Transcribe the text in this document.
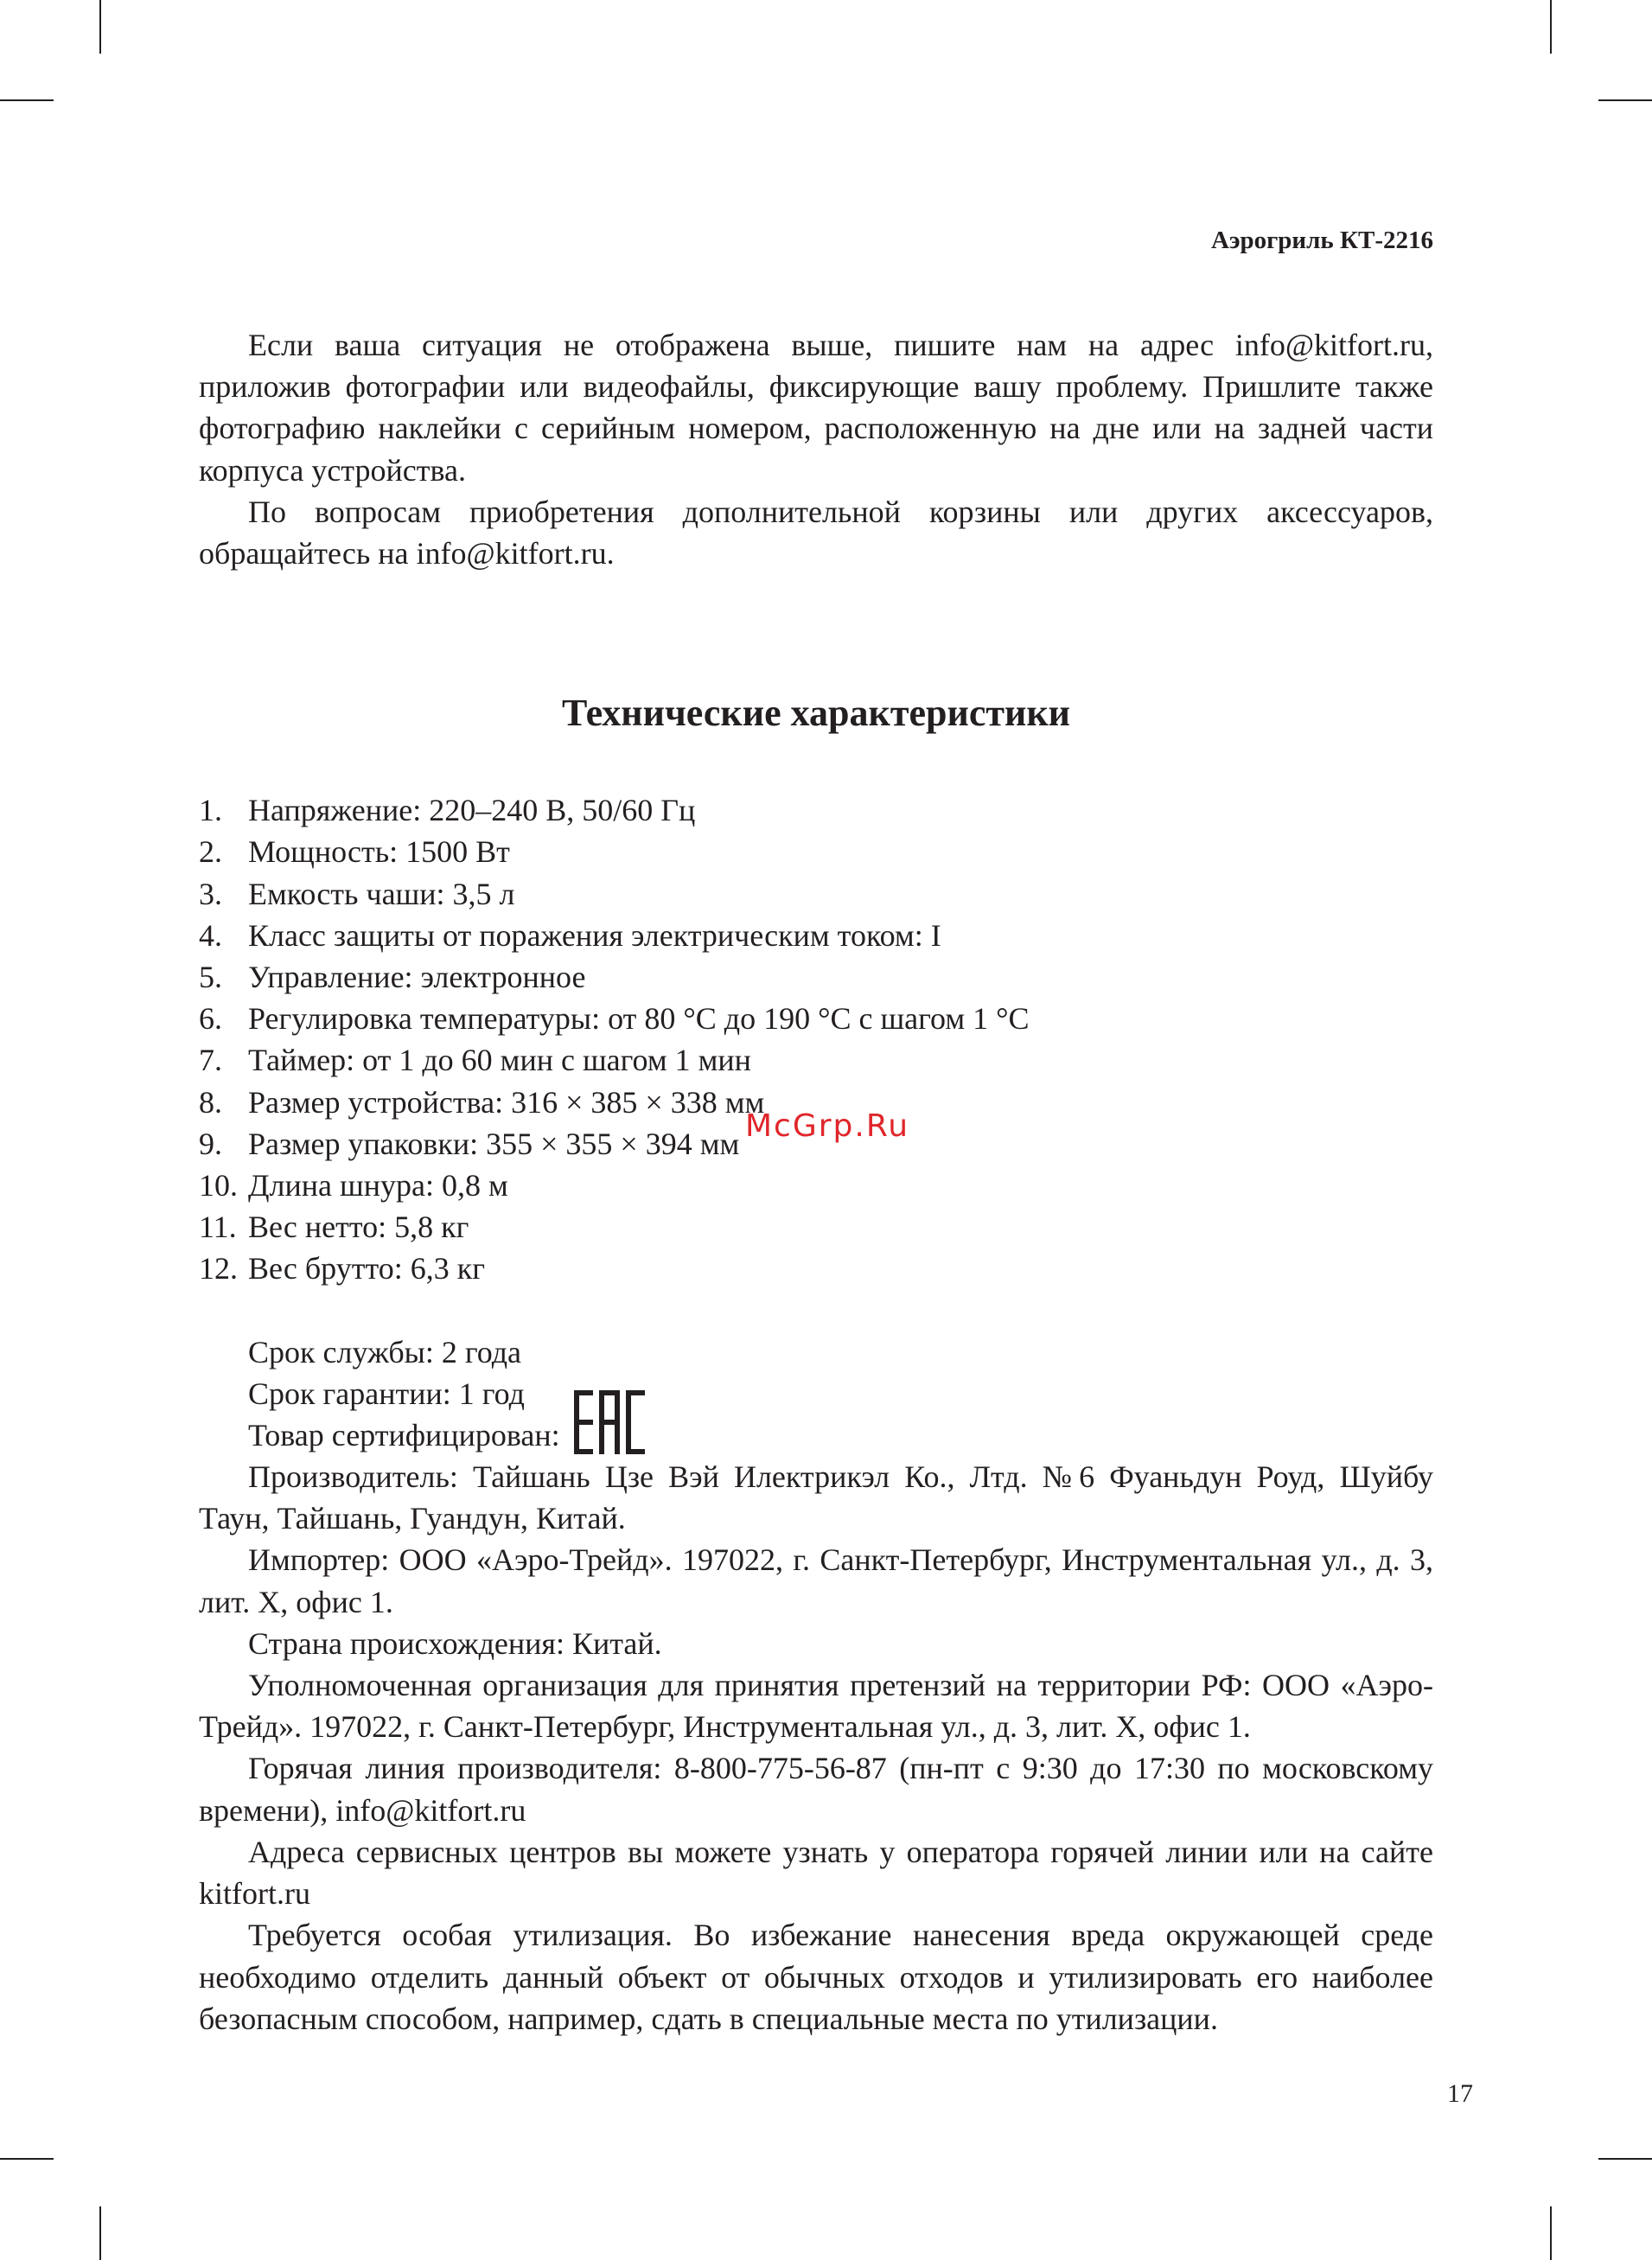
Аэрогриль КТ-2216

Если ваша ситуация не отображена выше, пишите нам на адрес info@kitfort.ru, приложив фотографии или видеофайлы, фиксирующие вашу проблему. Пришлите также фотографию наклейки с серийным номером, расположенную на дне или на задней части корпуса устройства.

По вопросам приобретения дополнительной корзины или других аксессуаров, обращайтесь на info@kitfort.ru.

Технические характеристики
1. Напряжение: 220–240 В, 50/60 Гц
2. Мощность: 1500 Вт
3. Емкость чаши: 3,5 л
4. Класс защиты от поражения электрическим током: I
5. Управление: электронное
6. Регулировка температуры: от 80 °C до 190 °C с шагом 1 °C
7. Таймер: от 1 до 60 мин с шагом 1 мин
8. Размер устройства: 316 × 385 × 338 мм
9. Размер упаковки: 355 × 355 × 394 мм
10. Длина шнура: 0,8 м
11. Вес нетто: 5,8 кг
12. Вес брутто: 6,3 кг

Срок службы: 2 года

Срок гарантии: 1 год

Товар сертифицирован:

Производитель: Тайшань Цзе Вэй Илектрикэл Ко., Лтд. №6 Фуаньдун Роуд, Шуйбу Таун, Тайшань, Гуандун, Китай.

Импортер: ООО «Аэро-Трейд». 197022, г. Санкт-Петербург, Инструментальная ул., д. 3, лит. Х, офис 1.

Страна происхождения: Китай.

Уполномоченная организация для принятия претензий на территории РФ: ООО «Аэро-Трейд». 197022, г. Санкт-Петербург, Инструментальная ул., д. 3, лит. Х, офис 1.

Горячая линия производителя: 8-800-775-56-87 (пн-пт с 9:30 до 17:30 по московскому времени), info@kitfort.ru

Адреса сервисных центров вы можете узнать у оператора горячей линии или на сайте kitfort.ru

Требуется особая утилизация. Во избежание нанесения вреда окружающей среде необходимо отделить данный объект от обычных отходов и утилизировать его наиболее безопасным способом, например, сдать в специальные места по утилизации.

McGrp.Ru
17
